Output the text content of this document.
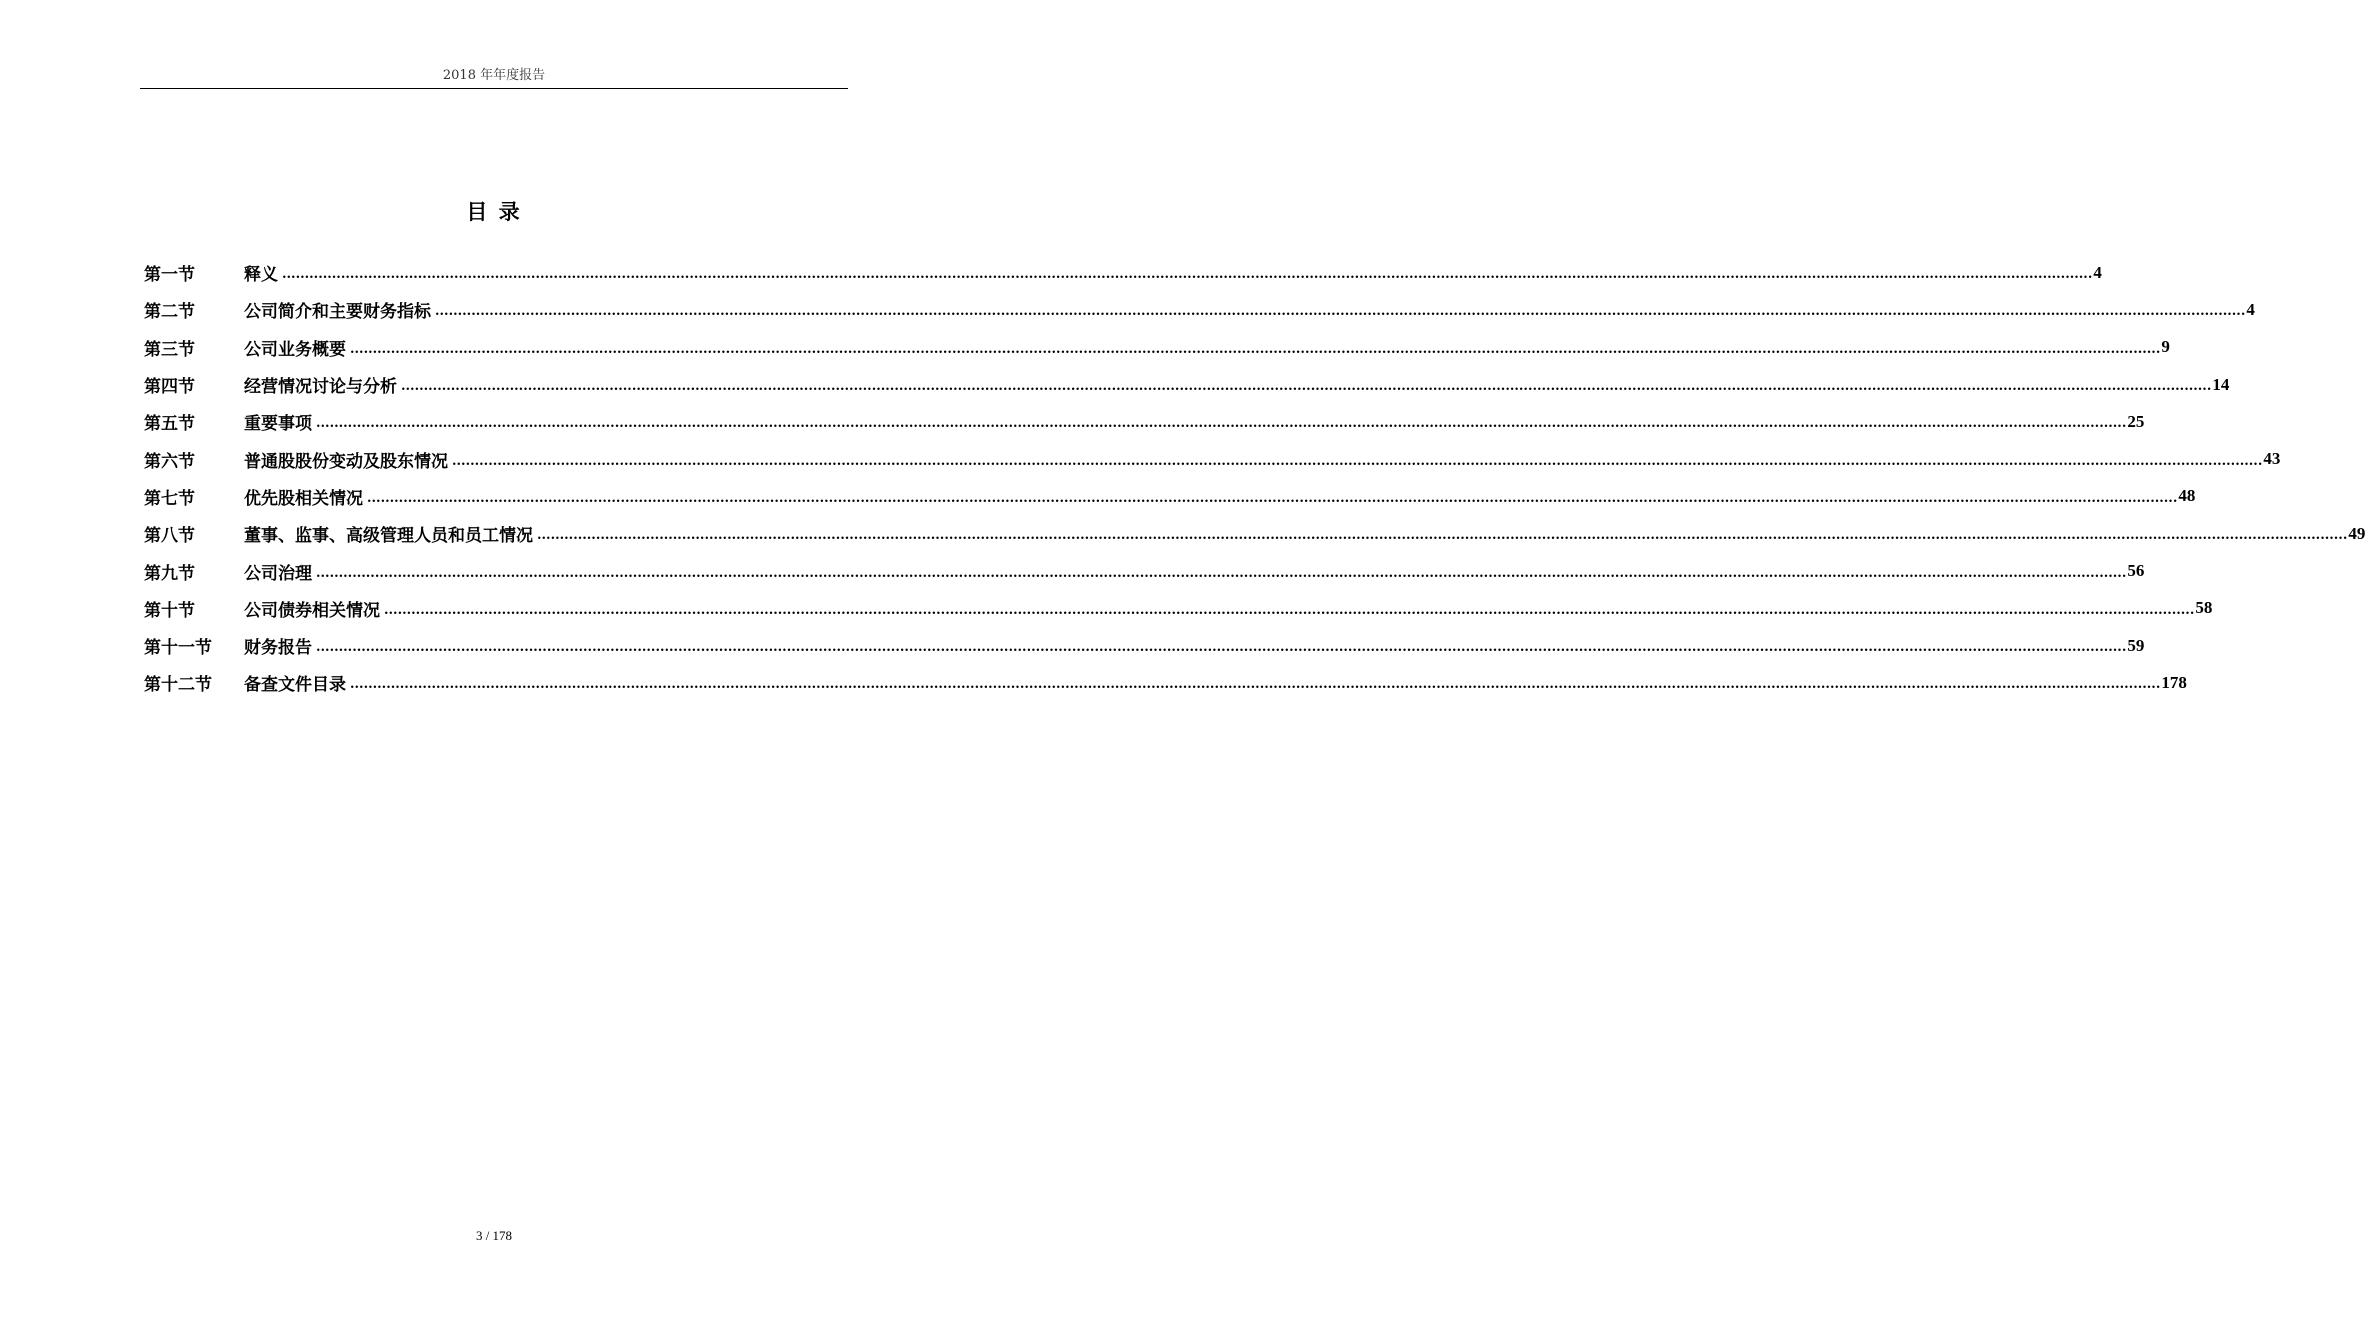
2018 年年度报告
目 录
第一节	释义 ................................................................................................................................................................................................................................................................................................................................................................................................................ 4
第二节	公司简介和主要财务指标 ................................................................................................................................................................................................................................................................................................................................................................................................................ 4
第三节	公司业务概要 ................................................................................................................................................................................................................................................................................................................................................................................................................ 9
第四节	经营情况讨论与分析 ................................................................................................................................................................................................................................................................................................................................................................................................................ 14
第五节	重要事项 ................................................................................................................................................................................................................................................................................................................................................................................................................ 25
第六节	普通股股份变动及股东情况 ................................................................................................................................................................................................................................................................................................................................................................................................................ 43
第七节	优先股相关情况 ................................................................................................................................................................................................................................................................................................................................................................................................................ 48
第八节	董事、监事、高级管理人员和员工情况 ................................................................................................................................................................................................................................................................................................................................................................................................................ 49
第九节	公司治理 ................................................................................................................................................................................................................................................................................................................................................................................................................ 56
第十节	公司债券相关情况 ................................................................................................................................................................................................................................................................................................................................................................................................................ 58
第十一节	财务报告 ................................................................................................................................................................................................................................................................................................................................................................................................................ 59
第十二节	备查文件目录 ................................................................................................................................................................................................................................................................................................................................................................................................................ 178
3 / 178
